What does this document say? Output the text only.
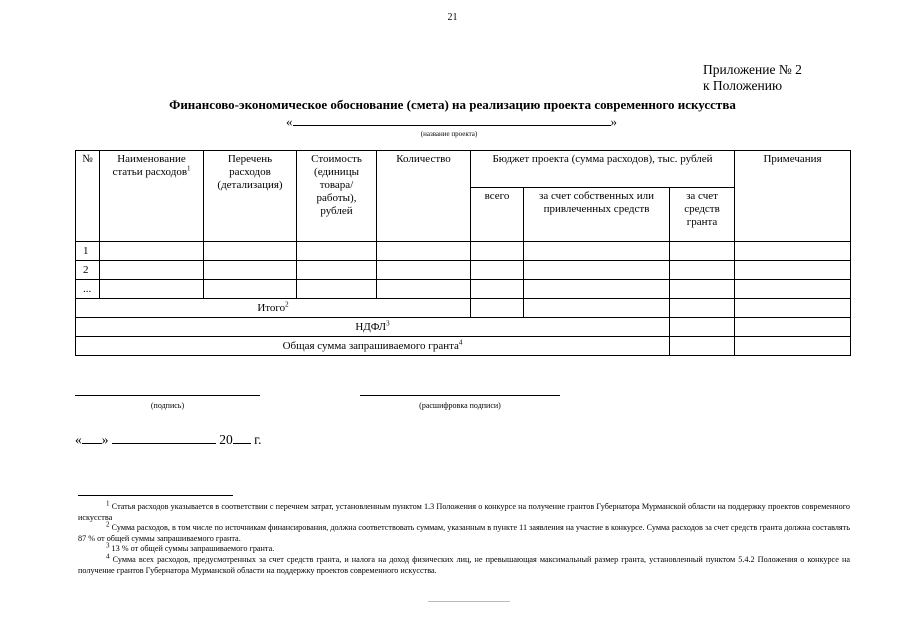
21
Приложение № 2
к Положению
Финансово-экономическое обоснование (смета) на реализацию проекта современного искусства
«	»
(название проекта)
№	Наименование статьи расходов$^1$	Перечень расходов (детализация)	Стоимость (единицы товара/ работы), рублей	Количество	Бюджет проекта (сумма расходов), тыс. рублей			Примечания
					всего	за счет собственных или привлеченных средств	за счет средств гранта	
1								
2								
...								
Итого$^2$				
НДФЛ$^3$		
Общая сумма запрашиваемого гранта$^4$		
(подпись)	(расшифровка подписи)
« »	20 г.

$^1$ Статья расходов указывается в соответствии с перечнем затрат, установленным пунктом 1.3 Положения о конкурсе на получение грантов Губернатора Мурманской области на поддержку проектов современного искусства

$^2$ Сумма расходов, в том числе по источникам финансирования, должна соответствовать суммам, указанным в пункте 11 заявления на участие в конкурсе. Сумма расходов за счет средств гранта должна составлять 87 % от общей суммы запрашиваемого гранта.

$^3$ 13 % от общей суммы запрашиваемого гранта.

$^4$ Сумма всех расходов, предусмотренных за счет средств гранта, и налога на доход физических лиц, не превышающая максимальный размер гранта, установленный пунктом 5.4.2 Положения о конкурсе на получение грантов Губернатора Мурманской области на поддержку проектов современного искусства.
